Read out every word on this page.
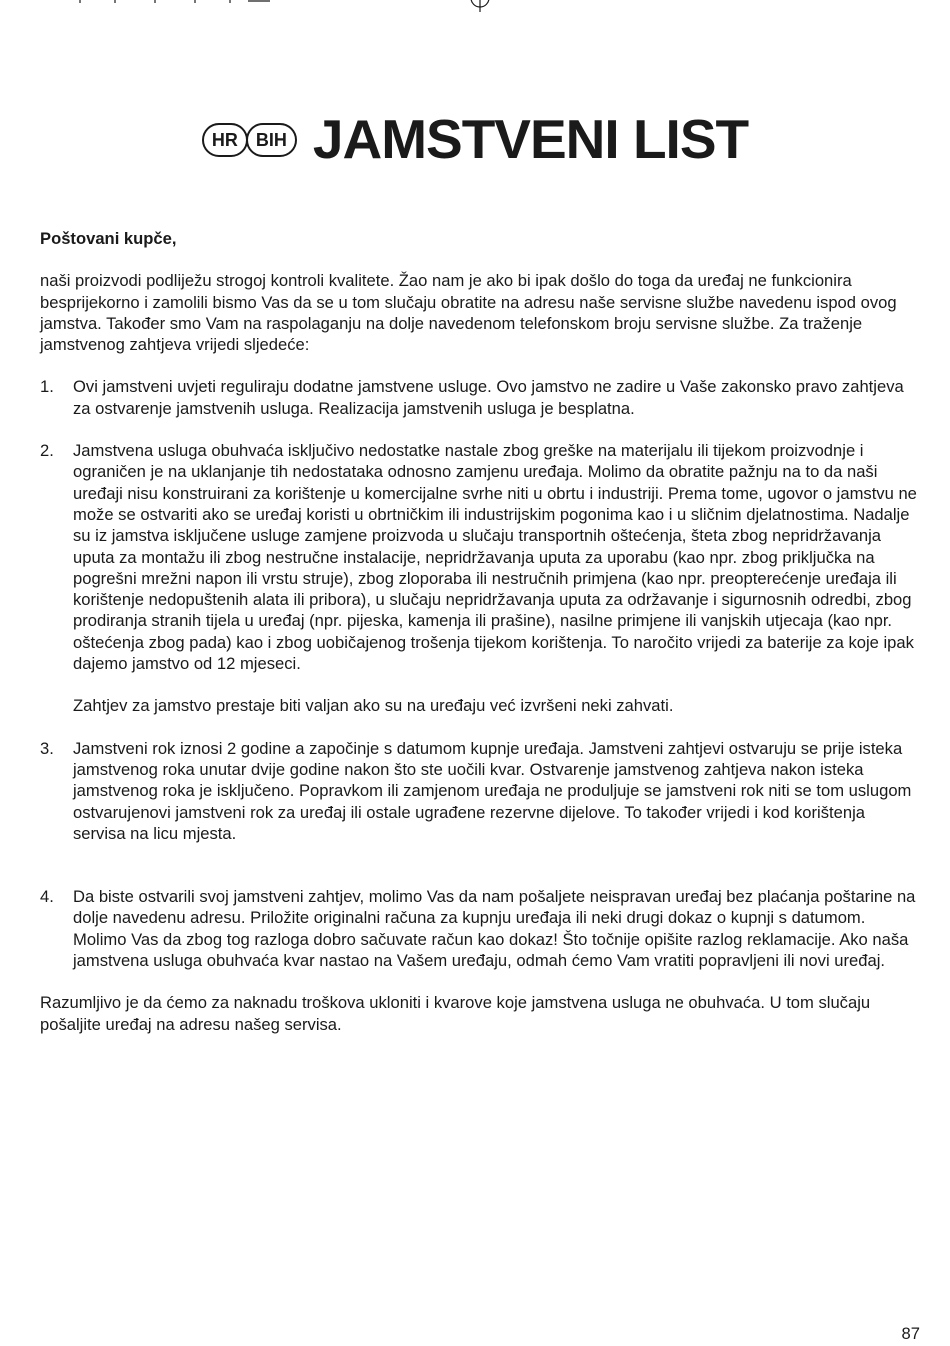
HR	BIH JAMSTVENI LIST

Poštovani kupče,

naši proizvodi podliježu strogoj kontroli kvalitete. Žao nam je ako bi ipak došlo do toga da uređaj ne funkcionira besprijekorno i zamolili bismo Vas da se u tom slučaju obratite na adresu naše servisne službe navedenu ispod ovog jamstva. Također smo Vam na raspolaganju na dolje navedenom telefonskom broju servisne službe. Za traženje jamstvenog zahtjeva vrijedi sljedeće:

1.	Ovi jamstveni uvjeti reguliraju dodatne jamstvene usluge. Ovo jamstvo ne zadire u Vaše zakonsko pravo zahtjeva za ostvarenje jamstvenih usluga. Realizacija jamstvenih usluga je besplatna.

2.	Jamstvena usluga obuhvaća isključivo nedostatke nastale zbog greške na materijalu ili tijekom proizvodnje i ograničen je na uklanjanje tih nedostataka odnosno zamjenu uređaja. Molimo da obratite pažnju na to da naši uređaji nisu konstruirani za korištenje u komercijalne svrhe niti u obrtu i industriji. Prema tome, ugovor o jamstvu ne može se ostvariti ako se uređaj koristi u obrtničkim ili industrijskim pogonima kao i u sličnim djelatnostima. Nadalje su iz jamstva isključene usluge zamjene proizvoda u slučaju transportnih oštećenja, šteta zbog nepridržavanja uputa za montažu ili zbog nestručne instalacije, nepridržavanja uputa za uporabu (kao npr. zbog priključka na pogrešni mrežni napon ili vrstu struje), zbog zloporaba ili nestručnih primjena (kao npr. preopterećenje uređaja ili korištenje nedopuštenih alata ili pribora), u slučaju nepridržavanja uputa za održavanje i sigurnosnih odredbi, zbog prodiranja stranih tijela u uređaj (npr. pijeska, kamenja ili prašine), nasilne primjene ili vanjskih utjecaja (kao npr. oštećenja zbog pada) kao i zbog uobičajenog trošenja tijekom korištenja. To naročito vrijedi za baterije za koje ipak dajemo jamstvo od 12 mjeseci.

Zahtjev za jamstvo prestaje biti valjan ako su na uređaju već izvršeni neki zahvati.

3.	Jamstveni rok iznosi 2 godine a započinje s datumom kupnje uređaja. Jamstveni zahtjevi ostvaruju se prije isteka jamstvenog roka unutar dvije godine nakon što ste uočili kvar. Ostvarenje jamstvenog zahtjeva nakon isteka jamstvenog roka je isključeno. Popravkom ili zamjenom uređaja ne produljuje se jamstveni rok niti se tom uslugom ostvarujenovi jamstveni rok za uređaj ili ostale ugrađene rezervne dijelove. To također vrijedi i kod korištenja servisa na licu mjesta.

4.	Da biste ostvarili svoj jamstveni zahtjev, molimo Vas da nam pošaljete neispravan uređaj bez plaćanja poštarine na dolje navedenu adresu. Priložite originalni računa za kupnju uređaja ili neki drugi dokaz o kupnji s datumom. Molimo Vas da zbog tog razloga dobro sačuvate račun kao dokaz! Što točnije opišite razlog reklamacije. Ako naša jamstvena usluga obuhvaća kvar nastao na Vašem uređaju, odmah ćemo Vam vratiti popravljeni ili novi uređaj.

Razumljivo je da ćemo za naknadu troškova ukloniti i kvarove koje jamstvena usluga ne obuhvaća. U tom slučaju pošaljite uređaj na adresu našeg servisa.

87
